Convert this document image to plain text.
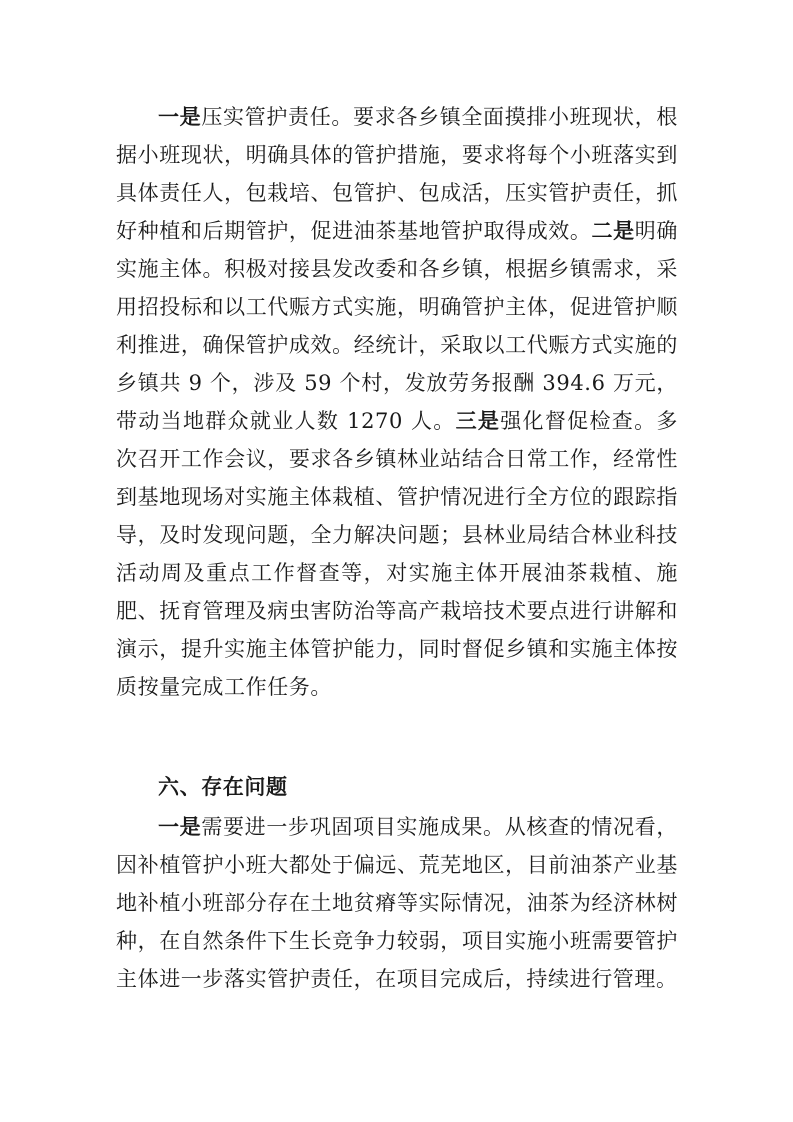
一是压实管护责任。要求各乡镇全面摸排小班现状，根据小班现状，明确具体的管护措施，要求将每个小班落实到具体责任人，包栽培、包管护、包成活，压实管护责任，抓好种植和后期管护，促进油茶基地管护取得成效。二是明确实施主体。积极对接县发改委和各乡镇，根据乡镇需求，采用招投标和以工代赈方式实施，明确管护主体，促进管护顺利推进，确保管护成效。经统计，采取以工代赈方式实施的乡镇共 9 个，涉及 59 个村，发放劳务报酬 394.6 万元，带动当地群众就业人数 1270 人。三是强化督促检查。多次召开工作会议，要求各乡镇林业站结合日常工作，经常性到基地现场对实施主体栽植、管护情况进行全方位的跟踪指导，及时发现问题，全力解决问题；县林业局结合林业科技活动周及重点工作督查等，对实施主体开展油茶栽植、施肥、抚育管理及病虫害防治等高产栽培技术要点进行讲解和演示，提升实施主体管护能力，同时督促乡镇和实施主体按质按量完成工作任务。

六、存在问题

一是需要进一步巩固项目实施成果。从核查的情况看，因补植管护小班大都处于偏远、荒芜地区，目前油茶产业基地补植小班部分存在土地贫瘠等实际情况，油茶为经济林树种，在自然条件下生长竞争力较弱，项目实施小班需要管护主体进一步落实管护责任，在项目完成后，持续进行管理。
